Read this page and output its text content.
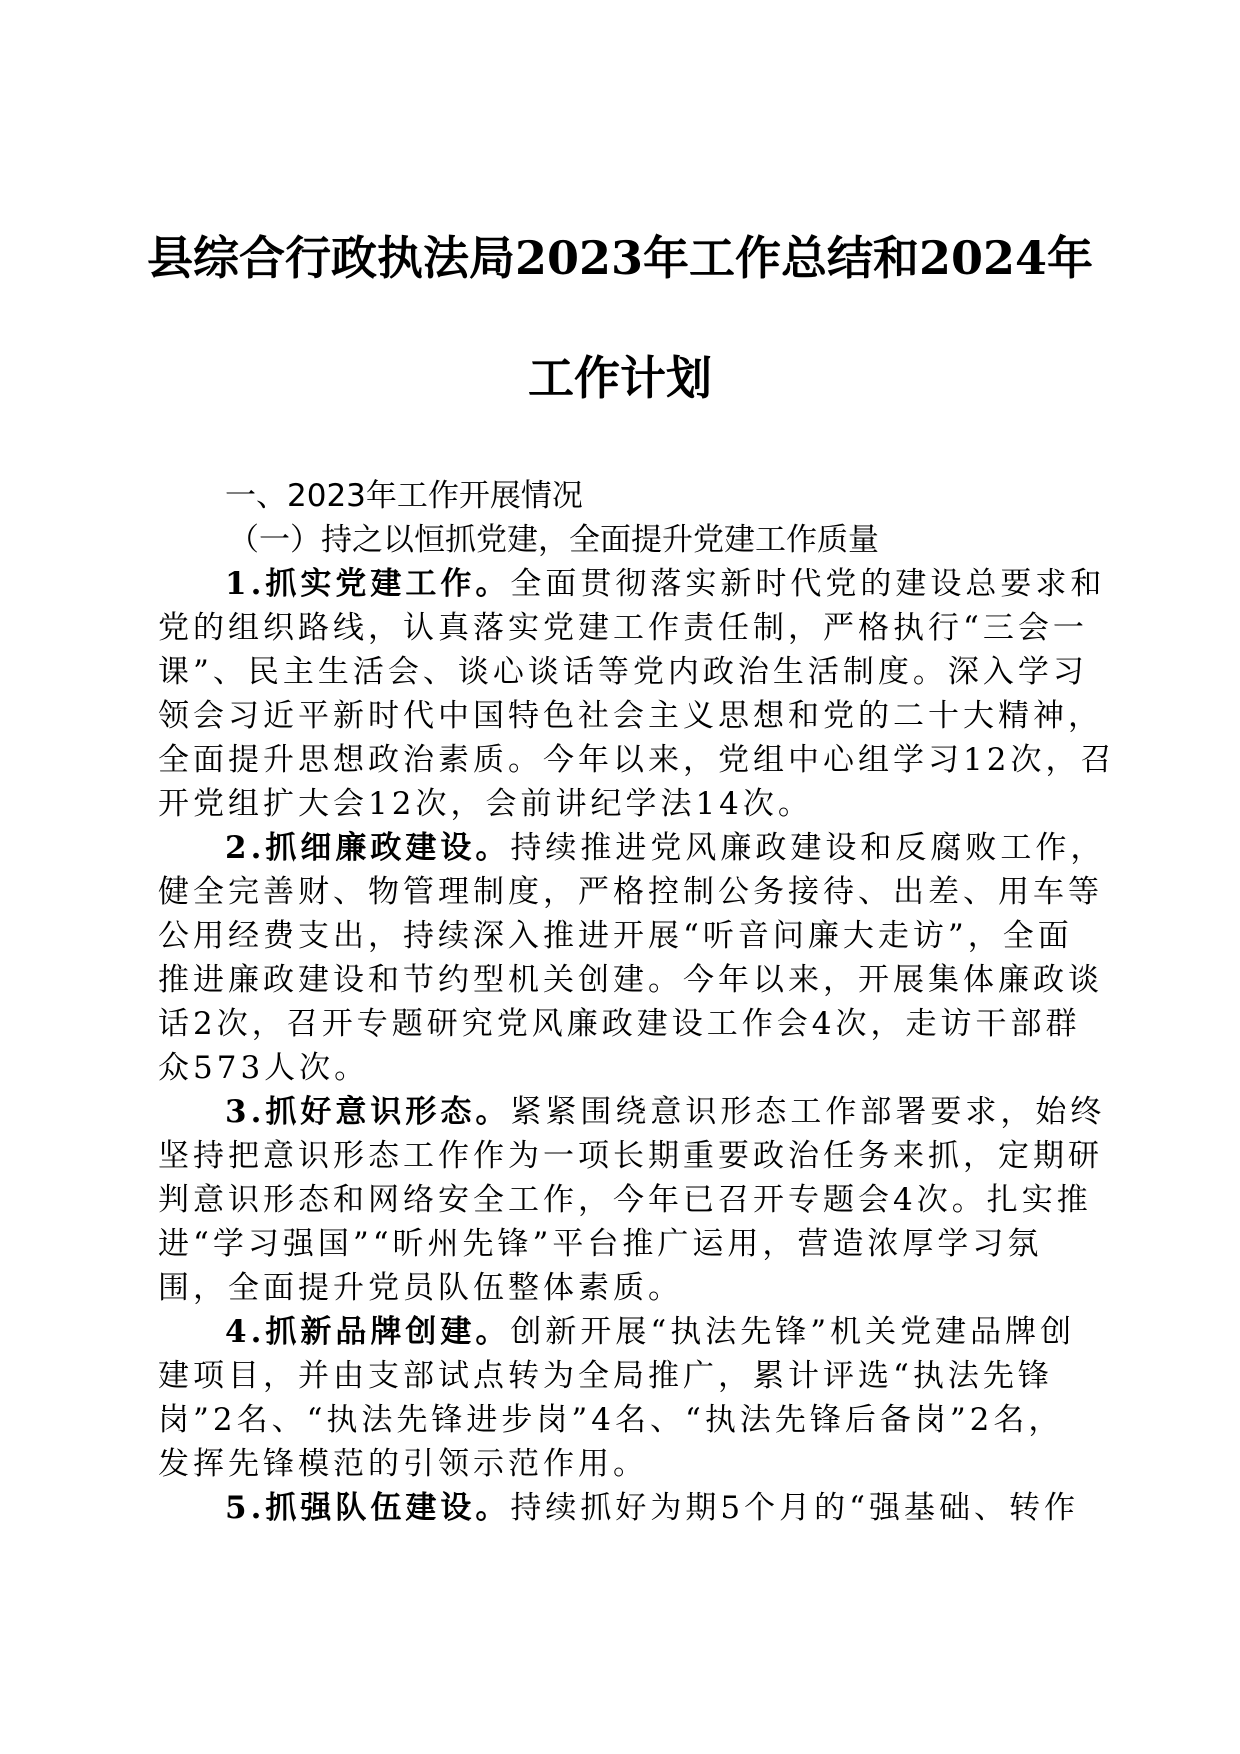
县综合行政执法局2023年工作总结和2024年
工作计划
一、2023年工作开展情况
（一）持之以恒抓党建，全面提升党建工作质量
1.抓实党建工作。全面贯彻落实新时代党的建设总要求和
党的组织路线，认真落实党建工作责任制，严格执行“三会一
课”、民主生活会、谈心谈话等党内政治生活制度。深入学习
领会习近平新时代中国特色社会主义思想和党的二十大精神，
全面提升思想政治素质。今年以来，党组中心组学习12次，召
开党组扩大会12次，会前讲纪学法14次。
2.抓细廉政建设。持续推进党风廉政建设和反腐败工作，
健全完善财、物管理制度，严格控制公务接待、出差、用车等
公用经费支出，持续深入推进开展“听音问廉大走访”，全面
推进廉政建设和节约型机关创建。今年以来，开展集体廉政谈
话2次，召开专题研究党风廉政建设工作会4次，走访干部群
众573人次。
3.抓好意识形态。紧紧围绕意识形态工作部署要求，始终
坚持把意识形态工作作为一项长期重要政治任务来抓，定期研
判意识形态和网络安全工作，今年已召开专题会4次。扎实推
进“学习强国”“昕州先锋”平台推广运用，营造浓厚学习氛
围，全面提升党员队伍整体素质。
4.抓新品牌创建。创新开展“执法先锋”机关党建品牌创
建项目，并由支部试点转为全局推广，累计评选“执法先锋
岗”2名、“执法先锋进步岗”4名、“执法先锋后备岗”2名，
发挥先锋模范的引领示范作用。
5.抓强队伍建设。持续抓好为期5个月的“强基础、转作
